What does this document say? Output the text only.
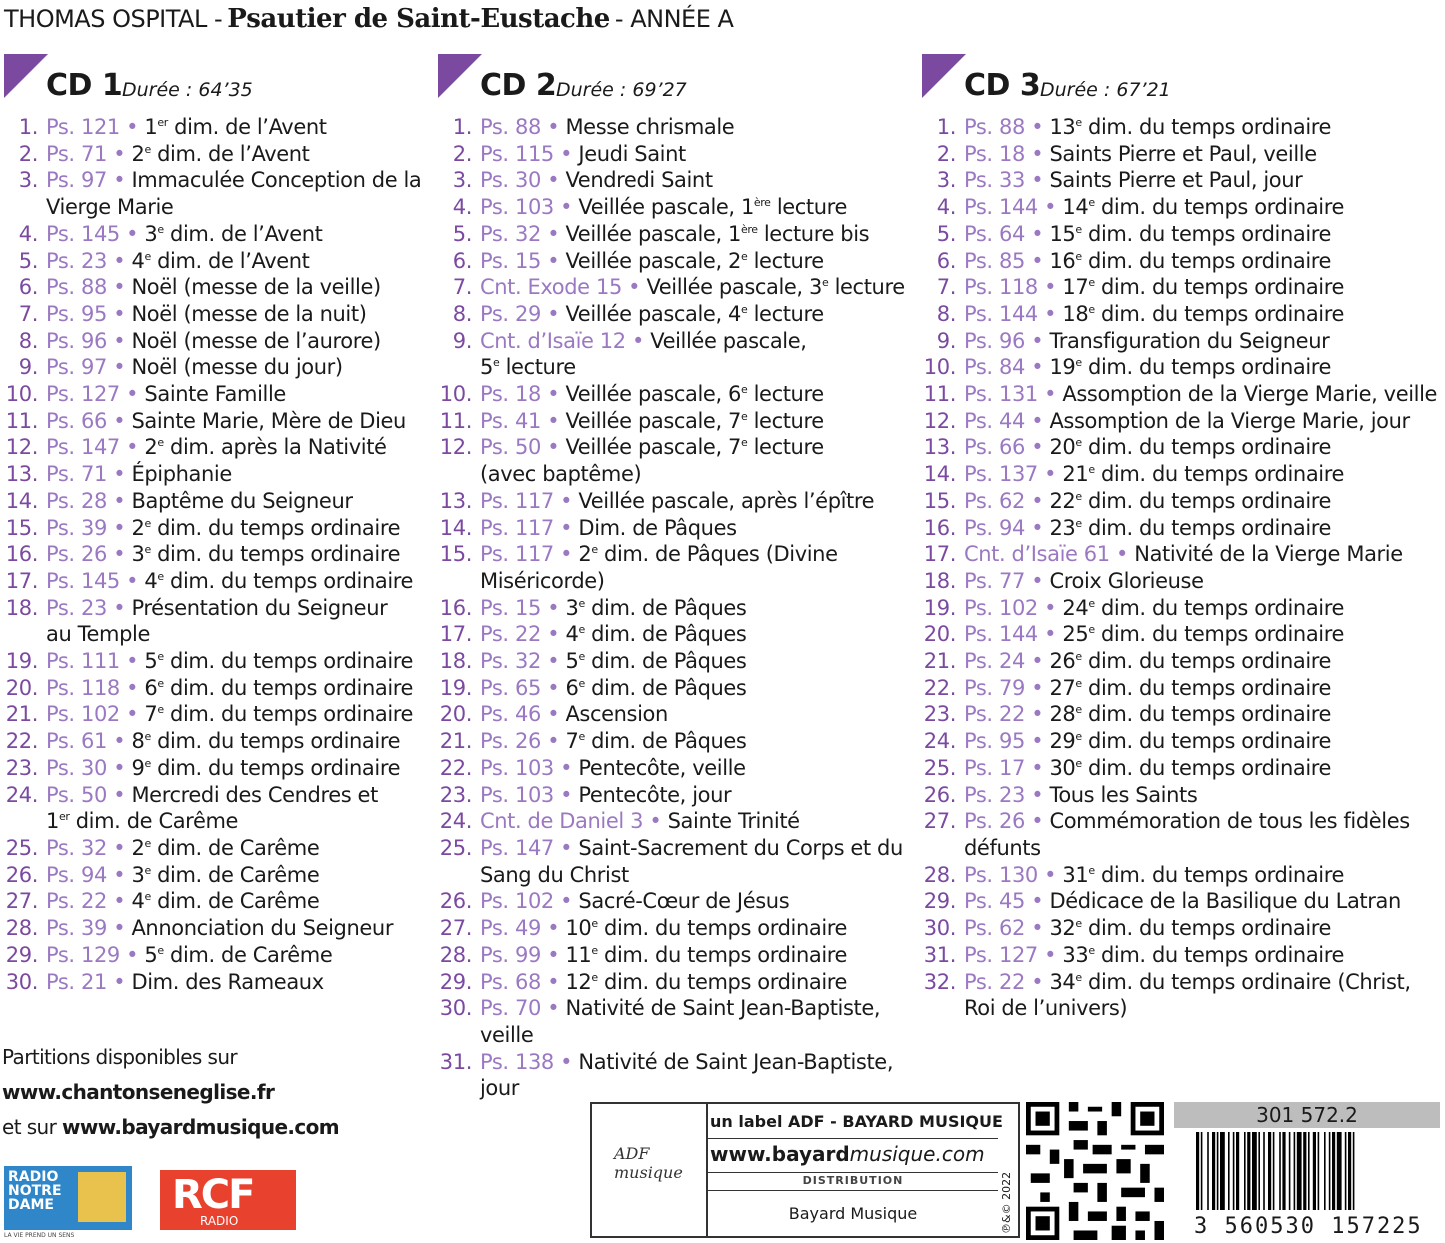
THOMAS OSPITAL - Psautier de Saint-Eustache - ANNÉE A
CD 1 Durée : 64’35
1. Ps. 121 • 1er dim. de l’Avent
2. Ps. 71 • 2e dim. de l’Avent
3. Ps. 97 • Immaculée Conception de la
Vierge Marie
4. Ps. 145 • 3e dim. de l’Avent
5. Ps. 23 • 4e dim. de l’Avent
6. Ps. 88 • Noël (messe de la veille)
7. Ps. 95 • Noël (messe de la nuit)
8. Ps. 96 • Noël (messe de l’aurore)
9. Ps. 97 • Noël (messe du jour)
10. Ps. 127 • Sainte Famille
11. Ps. 66 • Sainte Marie, Mère de Dieu
12. Ps. 147 • 2e dim. après la Nativité
13. Ps. 71 • Épiphanie
14. Ps. 28 • Baptême du Seigneur
15. Ps. 39 • 2e dim. du temps ordinaire
16. Ps. 26 • 3e dim. du temps ordinaire
17. Ps. 145 • 4e dim. du temps ordinaire
18. Ps. 23 • Présentation du Seigneur
au Temple
19. Ps. 111 • 5e dim. du temps ordinaire
20. Ps. 118 • 6e dim. du temps ordinaire
21. Ps. 102 • 7e dim. du temps ordinaire
22. Ps. 61 • 8e dim. du temps ordinaire
23. Ps. 30 • 9e dim. du temps ordinaire
24. Ps. 50 • Mercredi des Cendres et
1er dim. de Carême
25. Ps. 32 • 2e dim. de Carême
26. Ps. 94 • 3e dim. de Carême
27. Ps. 22 • 4e dim. de Carême
28. Ps. 39 • Annonciation du Seigneur
29. Ps. 129 • 5e dim. de Carême
30. Ps. 21 • Dim. des Rameaux
CD 2 Durée : 69’27
1. Ps. 88 • Messe chrismale
2. Ps. 115 • Jeudi Saint
3. Ps. 30 • Vendredi Saint
4. Ps. 103 • Veillée pascale, 1ère lecture
5. Ps. 32 • Veillée pascale, 1ère lecture bis
6. Ps. 15 • Veillée pascale, 2e lecture
7. Cnt. Exode 15 • Veillée pascale, 3e lecture
8. Ps. 29 • Veillée pascale, 4e lecture
9. Cnt. d’Isaïe 12 • Veillée pascale,
5e lecture
10. Ps. 18 • Veillée pascale, 6e lecture
11. Ps. 41 • Veillée pascale, 7e lecture
12. Ps. 50 • Veillée pascale, 7e lecture
(avec baptême)
13. Ps. 117 • Veillée pascale, après l’épître
14. Ps. 117 • Dim. de Pâques
15. Ps. 117 • 2e dim. de Pâques (Divine
Miséricorde)
16. Ps. 15 • 3e dim. de Pâques
17. Ps. 22 • 4e dim. de Pâques
18. Ps. 32 • 5e dim. de Pâques
19. Ps. 65 • 6e dim. de Pâques
20. Ps. 46 • Ascension
21. Ps. 26 • 7e dim. de Pâques
22. Ps. 103 • Pentecôte, veille
23. Ps. 103 • Pentecôte, jour
24. Cnt. de Daniel 3 • Sainte Trinité
25. Ps. 147 • Saint-Sacrement du Corps et du
Sang du Christ
26. Ps. 102 • Sacré-Cœur de Jésus
27. Ps. 49 • 10e dim. du temps ordinaire
28. Ps. 99 • 11e dim. du temps ordinaire
29. Ps. 68 • 12e dim. du temps ordinaire
30. Ps. 70 • Nativité de Saint Jean-Baptiste,
veille
31. Ps. 138 • Nativité de Saint Jean-Baptiste,
jour
CD 3 Durée : 67’21
1. Ps. 88 • 13e dim. du temps ordinaire
2. Ps. 18 • Saints Pierre et Paul, veille
3. Ps. 33 • Saints Pierre et Paul, jour
4. Ps. 144 • 14e dim. du temps ordinaire
5. Ps. 64 • 15e dim. du temps ordinaire
6. Ps. 85 • 16e dim. du temps ordinaire
7. Ps. 118 • 17e dim. du temps ordinaire
8. Ps. 144 • 18e dim. du temps ordinaire
9. Ps. 96 • Transfiguration du Seigneur
10. Ps. 84 • 19e dim. du temps ordinaire
11. Ps. 131 • Assomption de la Vierge Marie, veille
12. Ps. 44 • Assomption de la Vierge Marie, jour
13. Ps. 66 • 20e dim. du temps ordinaire
14. Ps. 137 • 21e dim. du temps ordinaire
15. Ps. 62 • 22e dim. du temps ordinaire
16. Ps. 94 • 23e dim. du temps ordinaire
17. Cnt. d’Isaïe 61 • Nativité de la Vierge Marie
18. Ps. 77 • Croix Glorieuse
19. Ps. 102 • 24e dim. du temps ordinaire
20. Ps. 144 • 25e dim. du temps ordinaire
21. Ps. 24 • 26e dim. du temps ordinaire
22. Ps. 79 • 27e dim. du temps ordinaire
23. Ps. 22 • 28e dim. du temps ordinaire
24. Ps. 95 • 29e dim. du temps ordinaire
25. Ps. 17 • 30e dim. du temps ordinaire
26. Ps. 23 • Tous les Saints
27. Ps. 26 • Commémoration de tous les fidèles
défunts
28. Ps. 130 • 31e dim. du temps ordinaire
29. Ps. 45 • Dédicace de la Basilique du Latran
30. Ps. 62 • 32e dim. du temps ordinaire
31. Ps. 127 • 33e dim. du temps ordinaire
32. Ps. 22 • 34e dim. du temps ordinaire (Christ,
Roi de l’univers)
Partitions disponibles sur
www.chantonseneglise.fr
et sur www.bayardmusique.com
RADIO NOTRE DAME
LA VIE PREND UN SENS
RCF
RADIO
ADF musique
un label ADF - BAYARD MUSIQUE
www.bayardmusique.com
DISTRIBUTION
Bayard Musique	℗&© 2022
301 572.2
3 560530 157225
